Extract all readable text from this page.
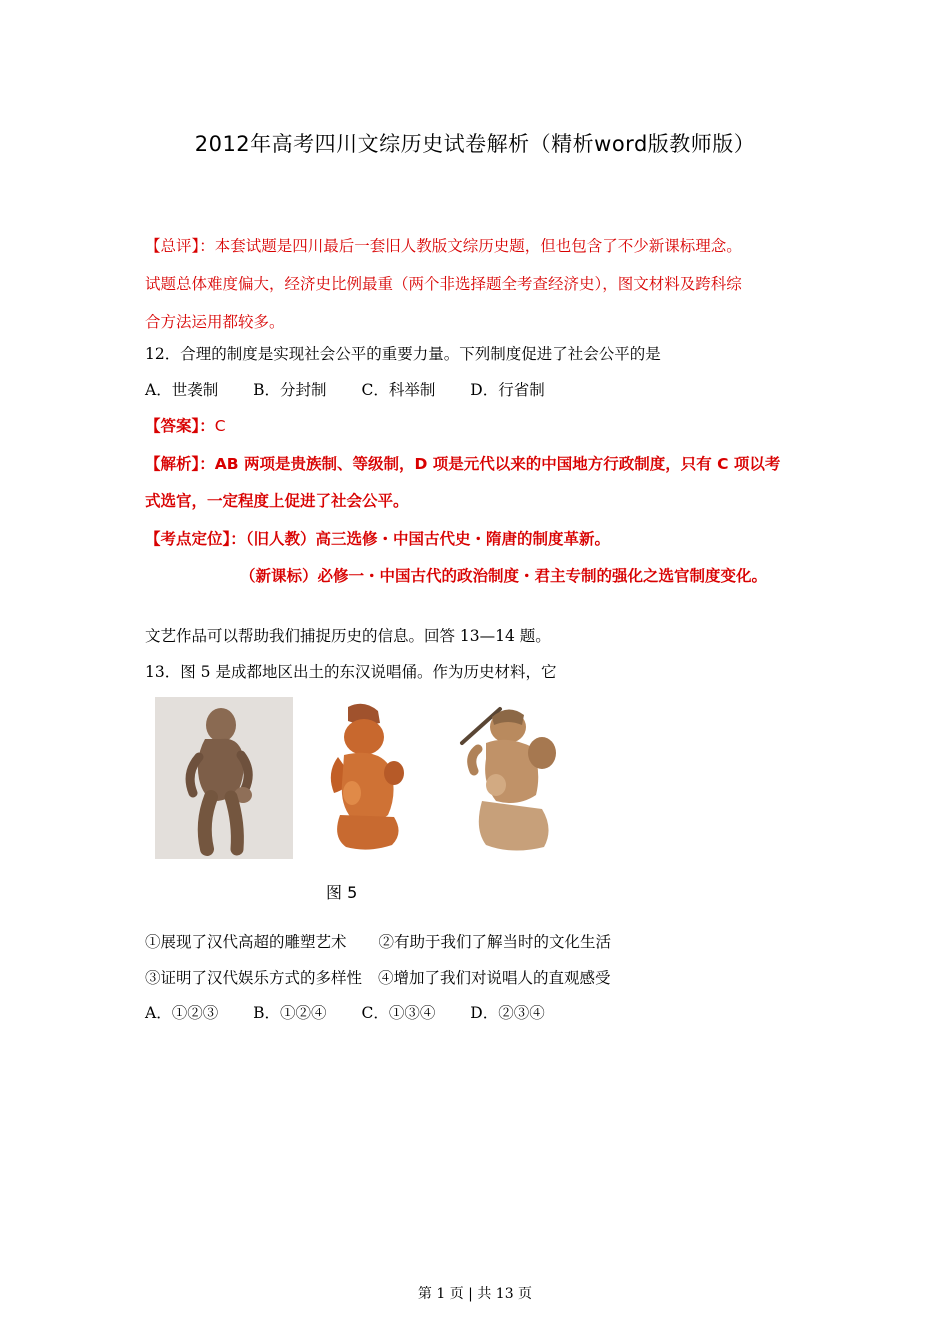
2012年高考四川文综历史试卷解析（精析word版教师版）
【总评】：本套试题是四川最后一套旧人教版文综历史题，但也包含了不少新课标理念。
试题总体难度偏大，经济史比例最重（两个非选择题全考查经济史），图文材料及跨科综
合方法运用都较多。
12．合理的制度是实现社会公平的重要力量。下列制度促进了社会公平的是
A．世袭制 B．分封制 C．科举制 D．行省制
【答案】：C
【解析】：AB 两项是贵族制、等级制，D 项是元代以来的中国地方行政制度，只有 C 项以考
式选官，一定程度上促进了社会公平。
【考点定位】：（旧人教）高三选修・中国古代史・隋唐的制度革新。
（新课标）必修一・中国古代的政治制度・君主专制的强化之选官制度变化。
文艺作品可以帮助我们捕捉历史的信息。回答 13—14 题。
13．图 5 是成都地区出土的东汉说唱俑。作为历史材料，它
图 5
①展现了汉代高超的雕塑艺术 ②有助于我们了解当时的文化生活
③证明了汉代娱乐方式的多样性 ④增加了我们对说唱人的直观感受
A．①②③ B．①②④ C．①③④ D．②③④
第 1 页 | 共 13 页
